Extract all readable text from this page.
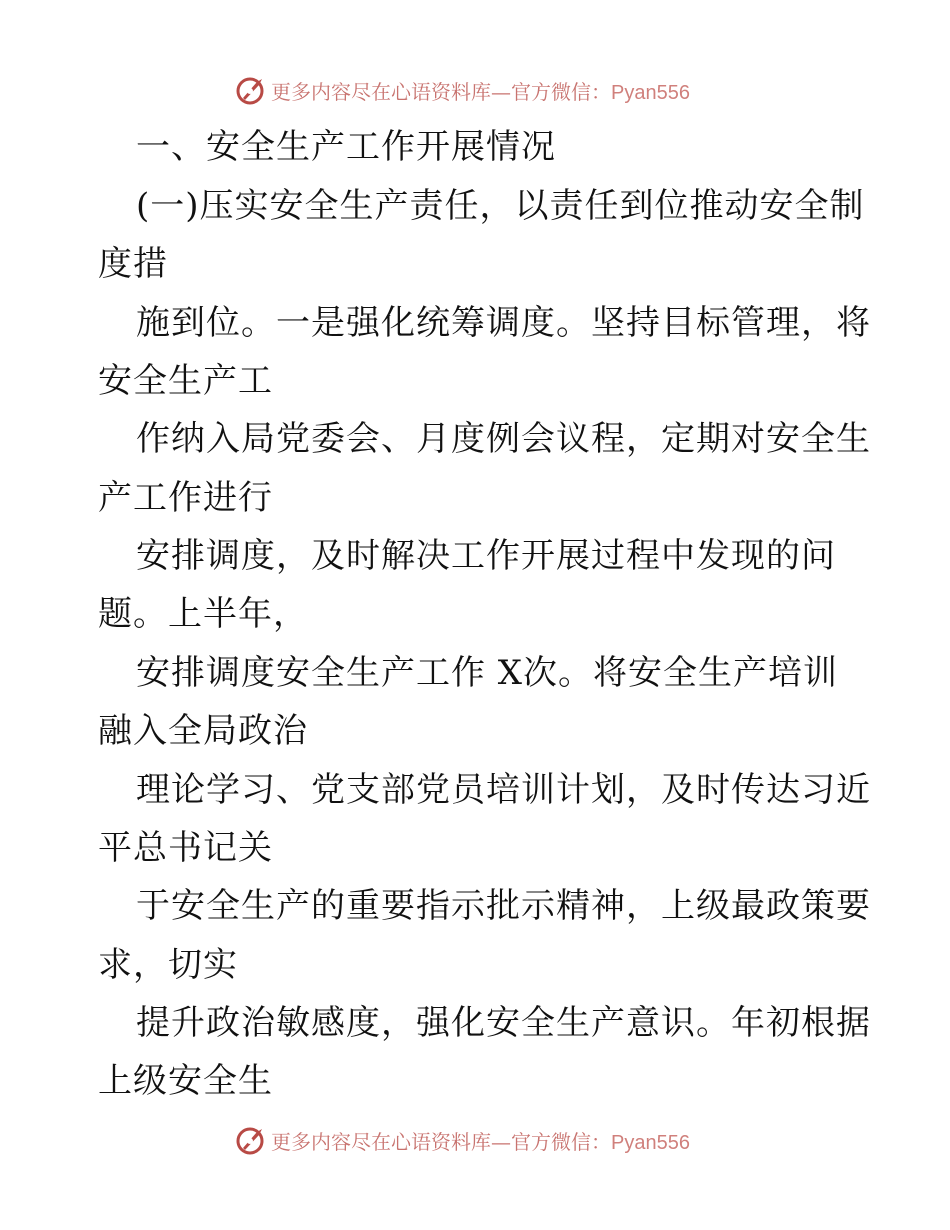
更多内容尽在心语资料库—官方微信：Pyan556
一、安全生产工作开展情况
(一)压实安全生产责任，以责任到位推动安全制
度措
施到位。一是强化统筹调度。坚持目标管理，将
安全生产工
作纳入局党委会、月度例会议程，定期对安全生
产工作进行
安排调度，及时解决工作开展过程中发现的问
题。上半年，
安排调度安全生产工作 X次。将安全生产培训
融入全局政治
理论学习、党支部党员培训计划，及时传达习近
平总书记关
于安全生产的重要指示批示精神，上级最政策要
求，切实
提升政治敏感度，强化安全生产意识。年初根据
上级安全生
更多内容尽在心语资料库—官方微信：Pyan556
